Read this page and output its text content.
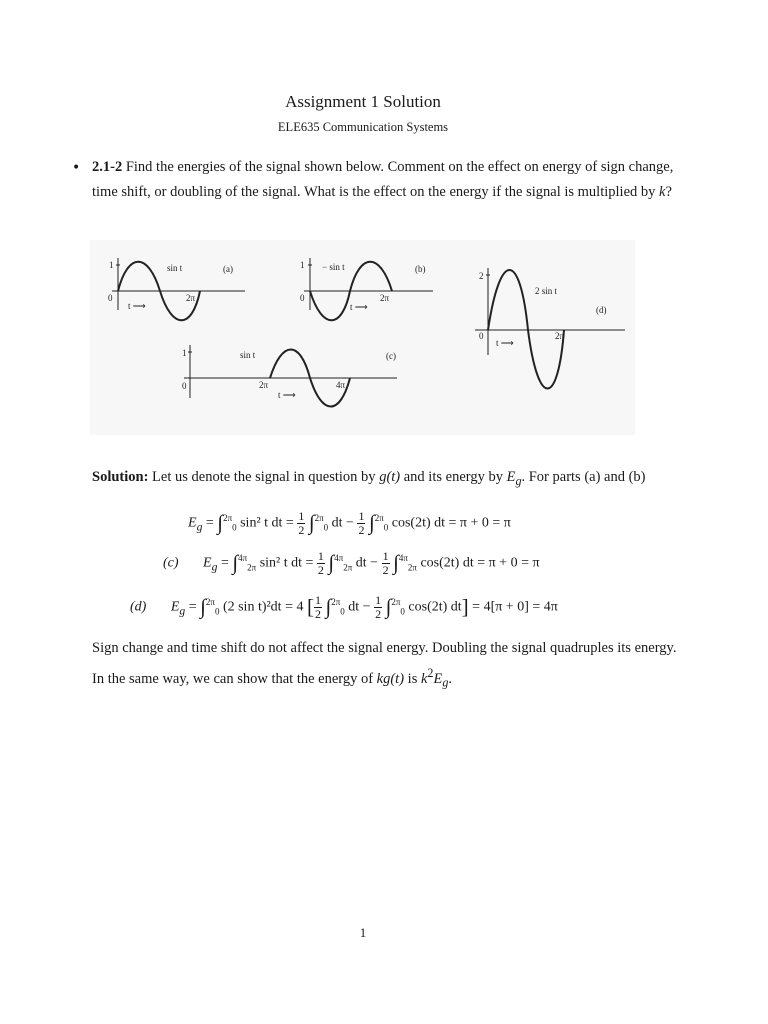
Assignment 1 Solution
ELE635 Communication Systems
• 2.1-2 Find the energies of the signal shown below. Comment on the effect on energy of sign change, time shift, or doubling of the signal. What is the effect on the energy if the signal is multiplied by k?
1
0
sin t	(a)
2π
t ⟶
1
0
− sin t	(b)
2π
t ⟶
1
0
sin t	(c)
2π	4π
t ⟶
2
0
2 sin t
(d)
2π
t ⟶
Solution: Let us denote the signal in question by g(t) and its energy by $E_g$. For parts (a) and (b)
$E_g = \int^{2\pi}_0$ sin² t dt = $\frac{1}{2} \int^{2\pi}_0$ dt − $\frac{1}{2} \int^{2\pi}_0$ cos(2t) dt = π + 0 = π
(c) $E_g = \int^{4\pi}_{2\pi}$ sin² t dt = $\frac{1}{2} \int^{4\pi}_{2\pi}$ dt − $\frac{1}{2} \int^{4\pi}_{2\pi}$ cos(2t) dt = π + 0 = π
(d) $E_g = \int^{2\pi}_0$ (2 sin t)²dt = 4 [ $\frac{1}{2} \int^{2\pi}_0$ dt − $\frac{1}{2} \int^{2\pi}_0$ cos(2t) dt] = 4[π + 0] = 4π
Sign change and time shift do not affect the signal energy. Doubling the signal quadruples its energy. In the same way, we can show that the energy of kg(t) is $k^2E_g$.
1
